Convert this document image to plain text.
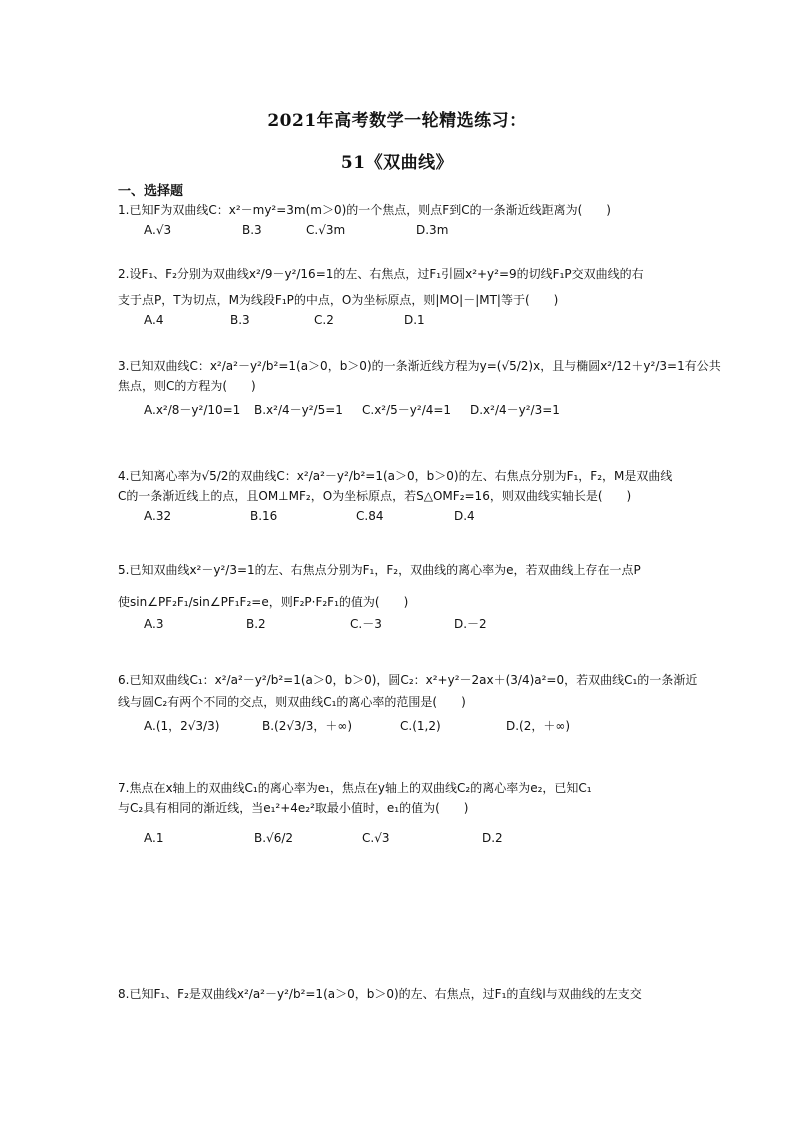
2021年高考数学一轮精选练习：
51《双曲线》
一、选择题
1.已知F为双曲线C：x²－my²=3m(m＞0)的一个焦点，则点F到C的一条渐近线距离为(　　)
A.√3	B.3	C.√3m	D.3m
2.设F₁、F₂分别为双曲线x²/9－y²/16=1的左、右焦点，过F₁引圆x²+y²=9的切线F₁P交双曲线的右
支于点P，T为切点，M为线段F₁P的中点，O为坐标原点，则|MO|－|MT|等于(　　)
A.4	B.3	C.2	D.1
3.已知双曲线C：x²/a²－y²/b²=1(a＞0，b＞0)的一条渐近线方程为y=(√5/2)x，且与椭圆x²/12＋y²/3=1有公共
焦点，则C的方程为(　　)
A.x²/8－y²/10=1 B.x²/4－y²/5=1 C.x²/5－y²/4=1 D.x²/4－y²/3=1
4.已知离心率为√5/2的双曲线C：x²/a²－y²/b²=1(a＞0，b＞0)的左、右焦点分别为F₁，F₂，M是双曲线
C的一条渐近线上的点，且OM⊥MF₂，O为坐标原点，若S△OMF₂=16，则双曲线实轴长是(　　)
A.32	B.16	C.84	D.4
5.已知双曲线x²－y²/3=1的左、右焦点分别为F₁，F₂，双曲线的离心率为e，若双曲线上存在一点P
使sin∠PF₂F₁/sin∠PF₁F₂=e，则F₂P·F₂F₁的值为(　　)
A.3	B.2	C.－3	D.－2
6.已知双曲线C₁：x²/a²－y²/b²=1(a＞0，b＞0)，圆C₂：x²+y²－2ax＋(3/4)a²=0，若双曲线C₁的一条渐近
线与圆C₂有两个不同的交点，则双曲线C₁的离心率的范围是(　　)
A.(1，2√3/3)	B.(2√3/3，＋∞)	C.(1,2)	D.(2，＋∞)
7.焦点在x轴上的双曲线C₁的离心率为e₁，焦点在y轴上的双曲线C₂的离心率为e₂，已知C₁
与C₂具有相同的渐近线，当e₁²+4e₂²取最小值时，e₁的值为(　　)
A.1	B.√6/2	C.√3	D.2
8.已知F₁、F₂是双曲线x²/a²－y²/b²=1(a＞0，b＞0)的左、右焦点，过F₁的直线l与双曲线的左支交
